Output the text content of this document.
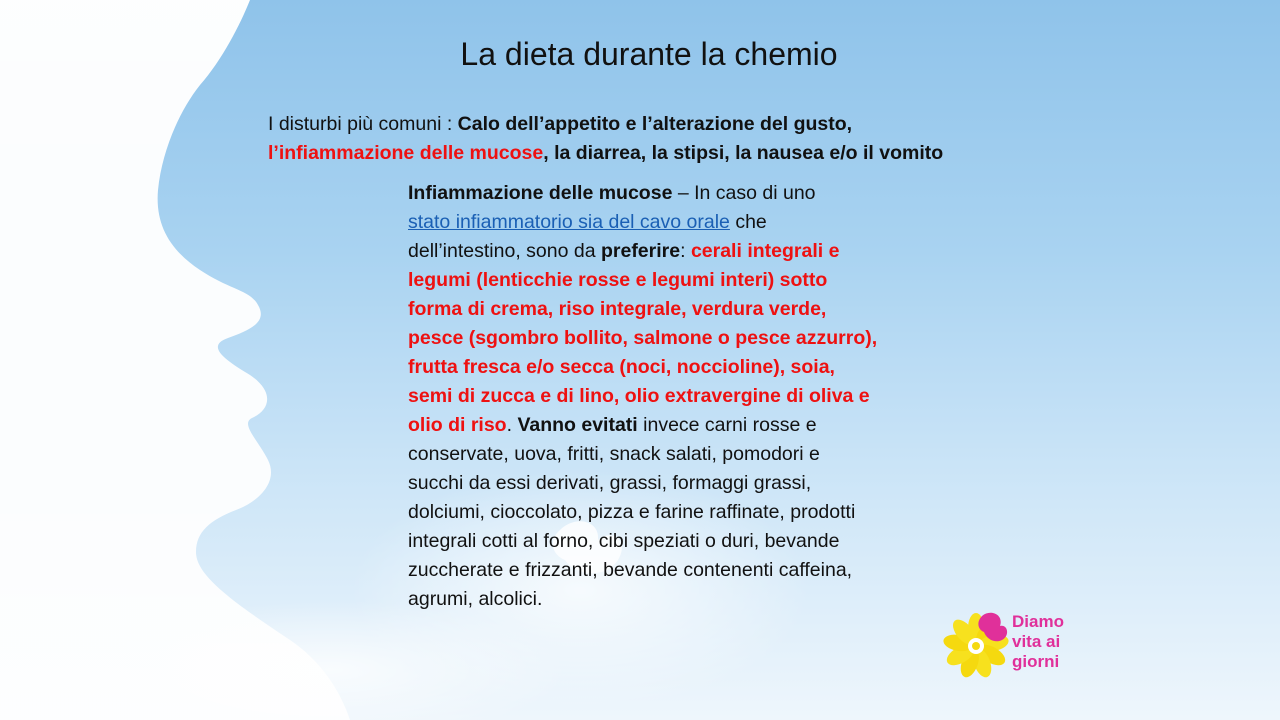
La dieta durante la chemio
I disturbi più comuni : Calo dell’appetito e l’alterazione del gusto,
l’infiammazione delle mucose, la diarrea, la stipsi, la nausea e/o il vomito
Infiammazione delle mucose – In caso di uno
stato infiammatorio sia del cavo orale che dell’intestino, sono da preferire: cerali integrali e legumi (lenticchie rosse e legumi interi) sotto forma di crema, riso integrale, verdura verde, pesce (sgombro bollito, salmone o pesce azzurro), frutta fresca e/o secca (noci, noccioline), soia, semi di zucca e di lino, olio extravergine di oliva e olio di riso. Vanno evitati invece carni rosse e conservate, uova, fritti, snack salati, pomodori e succhi da essi derivati, grassi, formaggi grassi, dolciumi, cioccolato, pizza e farine raffinate, prodotti integrali cotti al forno, cibi speziati o duri, bevande zuccherate e frizzanti, bevande contenenti caffeina, agrumi, alcolici.
Diamo
vita ai
giorni
